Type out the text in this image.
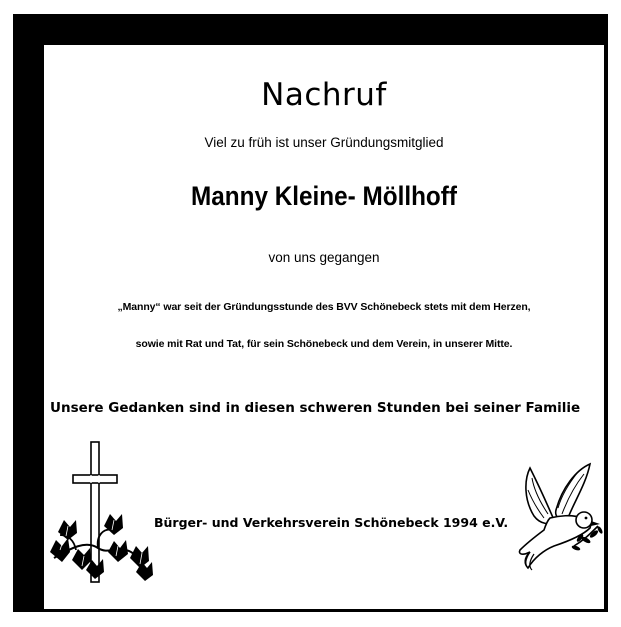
Nachruf
Viel zu früh ist unser Gründungsmitglied
Manny Kleine- Möllhoff
von uns gegangen
„Manny“ war seit der Gründungsstunde des BVV Schönebeck stets mit dem Herzen,
sowie mit Rat und Tat, für sein Schönebeck und dem Verein, in unserer Mitte.
Unsere Gedanken sind in diesen schweren Stunden bei seiner Familie
Bürger- und Verkehrsverein Schönebeck 1994 e.V.
